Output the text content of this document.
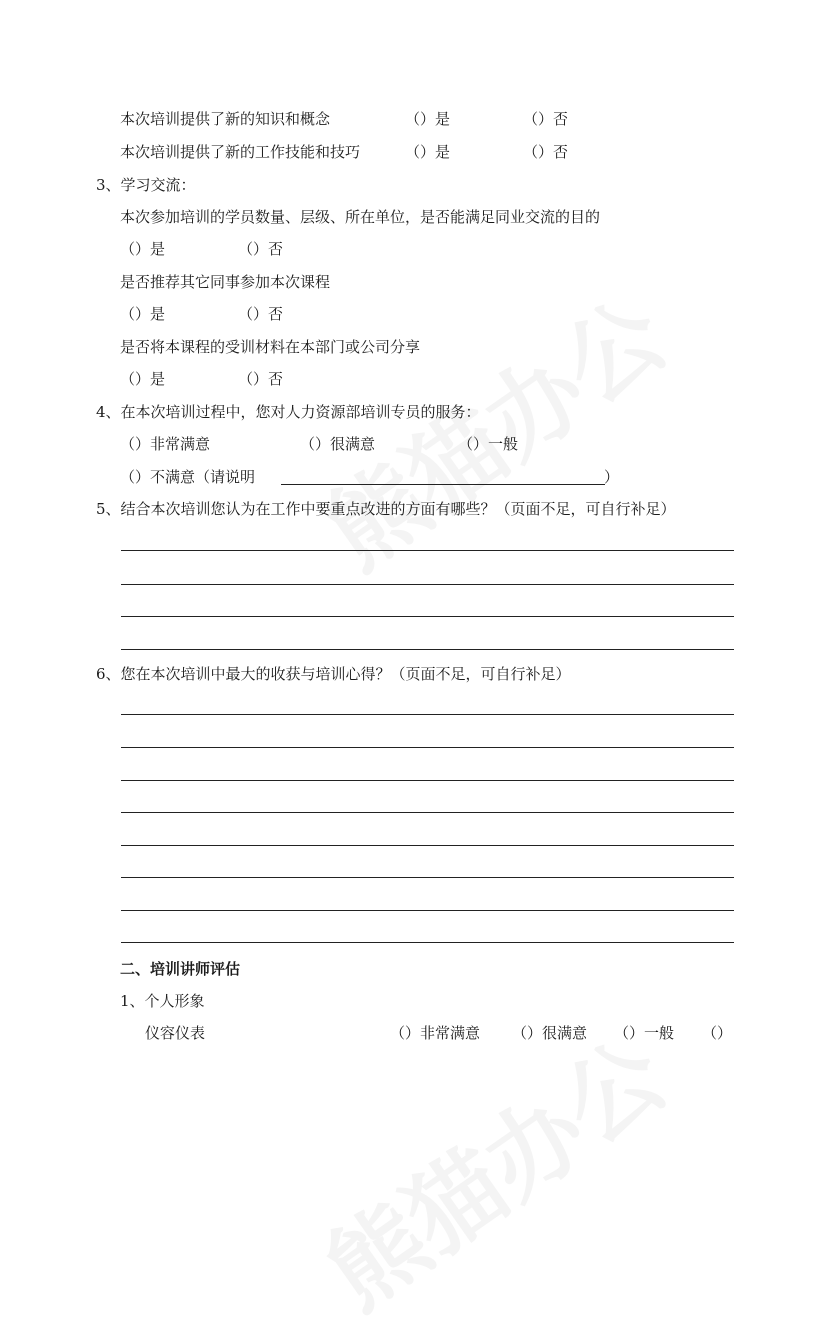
本次培训提供了新的知识和概念	（）是	（）否
本次培训提供了新的工作技能和技巧	（）是	（）否
3、学习交流：
本次参加培训的学员数量、层级、所在单位，是否能满足同业交流的目的
（）是	（）否
是否推荐其它同事参加本次课程
（）是	（）否
是否将本课程的受训材料在本部门或公司分享
（）是	（）否
4、在本次培训过程中，您对人力资源部培训专员的服务：
（）非常满意	（）很满意	（）一般
（）不满意（请说明	）
5、结合本次培训您认为在工作中要重点改进的方面有哪些？（页面不足，可自行补足）
6、您在本次培训中最大的收获与培训心得？（页面不足，可自行补足）
二、培训讲师评估
1、个人形象
仪容仪表	（）非常满意 （）很满意 （）一般 （）
